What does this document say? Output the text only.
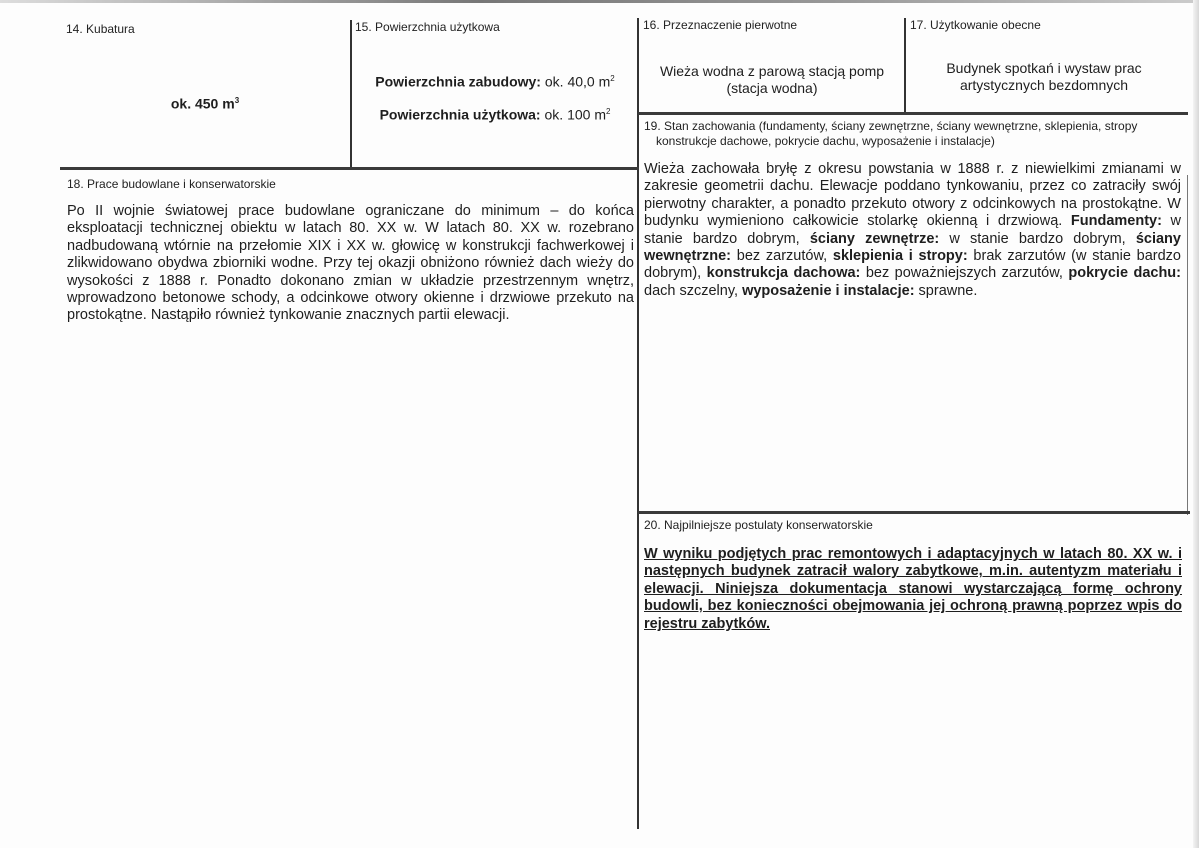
14. Kubatura
ok. 450 $m^3$
15. Powierzchnia użytkowa
Powierzchnia zabudowy: ok. 40,0 $m^2$
Powierzchnia użytkowa: ok. 100 $m^2$
16. Przeznaczenie pierwotne
Wieża wodna z parową stacją pomp
(stacja wodna)
17. Użytkowanie obecne
Budynek spotkań i wystaw prac
artystycznych bezdomnych
18. Prace budowlane i konserwatorskie
Po II wojnie światowej prace budowlane ograniczane do minimum – do końca eksploatacji technicznej obiektu w latach 80. XX w. W latach 80. XX w. rozebrano nadbudowaną wtórnie na przełomie XIX i XX w. głowicę w konstrukcji fachwerkowej i zlikwidowano obydwa zbiorniki wodne. Przy tej okazji obniżono również dach wieży do wysokości z 1888 r. Ponadto dokonano zmian w układzie przestrzennym wnętrz, wprowadzono betonowe schody, a odcinkowe otwory okienne i drzwiowe przekuto na prostokątne. Nastąpiło również tynkowanie znacznych partii elewacji.
19. Stan zachowania (fundamenty, ściany zewnętrzne, ściany wewnętrzne, sklepienia, stropy
konstrukcje dachowe, pokrycie dachu, wyposażenie i instalacje)
Wieża zachowała bryłę z okresu powstania w 1888 r. z niewielkimi zmianami w zakresie geometrii dachu. Elewacje poddano tynkowaniu, przez co zatraciły swój pierwotny charakter, a ponadto przekuto otwory z odcinkowych na prostokątne. W budynku wymieniono całkowicie stolarkę okienną i drzwiową. Fundamenty: w stanie bardzo dobrym, ściany zewnętrze: w stanie bardzo dobrym, ściany wewnętrzne: bez zarzutów, sklepienia i stropy: brak zarzutów (w stanie bardzo dobrym), konstrukcja dachowa: bez poważniejszych zarzutów, pokrycie dachu: dach szczelny, wyposażenie i instalacje: sprawne.
20. Najpilniejsze postulaty konserwatorskie
W wyniku podjętych prac remontowych i adaptacyjnych w latach 80. XX w. i następnych budynek zatracił walory zabytkowe, m.in. autentyzm materiału i elewacji. Niniejsza dokumentacja stanowi wystarczającą formę ochrony budowli, bez konieczności obejmowania jej ochroną prawną poprzez wpis do rejestru zabytków.
